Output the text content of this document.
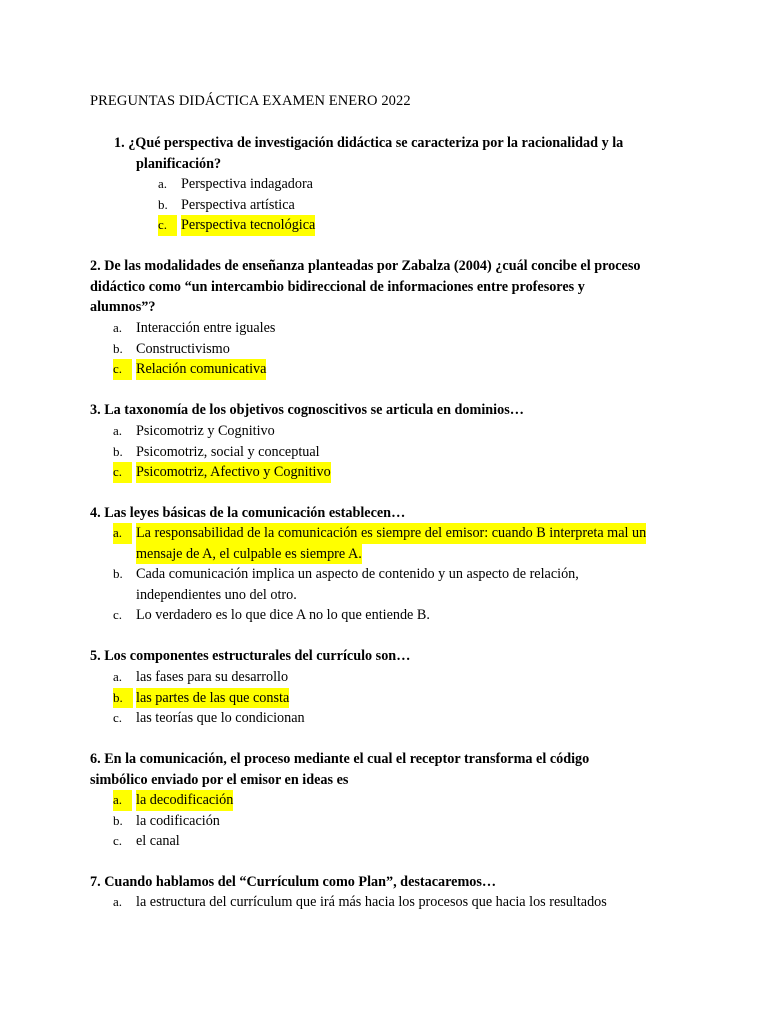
PREGUNTAS DIDÁCTICA EXAMEN ENERO 2022
1. ¿Qué perspectiva de investigación didáctica se caracteriza por la racionalidad y la
planificación?
a. Perspectiva indagadora
b. Perspectiva artística
c. Perspectiva tecnológica
2. De las modalidades de enseñanza planteadas por Zabalza (2004) ¿cuál concibe el proceso
didáctico como “un intercambio bidireccional de informaciones entre profesores y
alumnos”?
a. Interacción entre iguales
b. Constructivismo
c. Relación comunicativa
3. La taxonomía de los objetivos cognoscitivos se articula en dominios…
a. Psicomotriz y Cognitivo
b. Psicomotriz, social y conceptual
c. Psicomotriz, Afectivo y Cognitivo
4. Las leyes básicas de la comunicación establecen…
a. La responsabilidad de la comunicación es siempre del emisor: cuando B interpreta mal un
mensaje de A, el culpable es siempre A.
b. Cada comunicación implica un aspecto de contenido y un aspecto de relación,
independientes uno del otro.
c. Lo verdadero es lo que dice A no lo que entiende B.
5. Los componentes estructurales del currículo son…
a. las fases para su desarrollo
b. las partes de las que consta
c. las teorías que lo condicionan
6. En la comunicación, el proceso mediante el cual el receptor transforma el código
simbólico enviado por el emisor en ideas es
a. la decodificación
b. la codificación
c. el canal
7. Cuando hablamos del “Currículum como Plan”, destacaremos…
a. la estructura del currículum que irá más hacia los procesos que hacia los resultados
